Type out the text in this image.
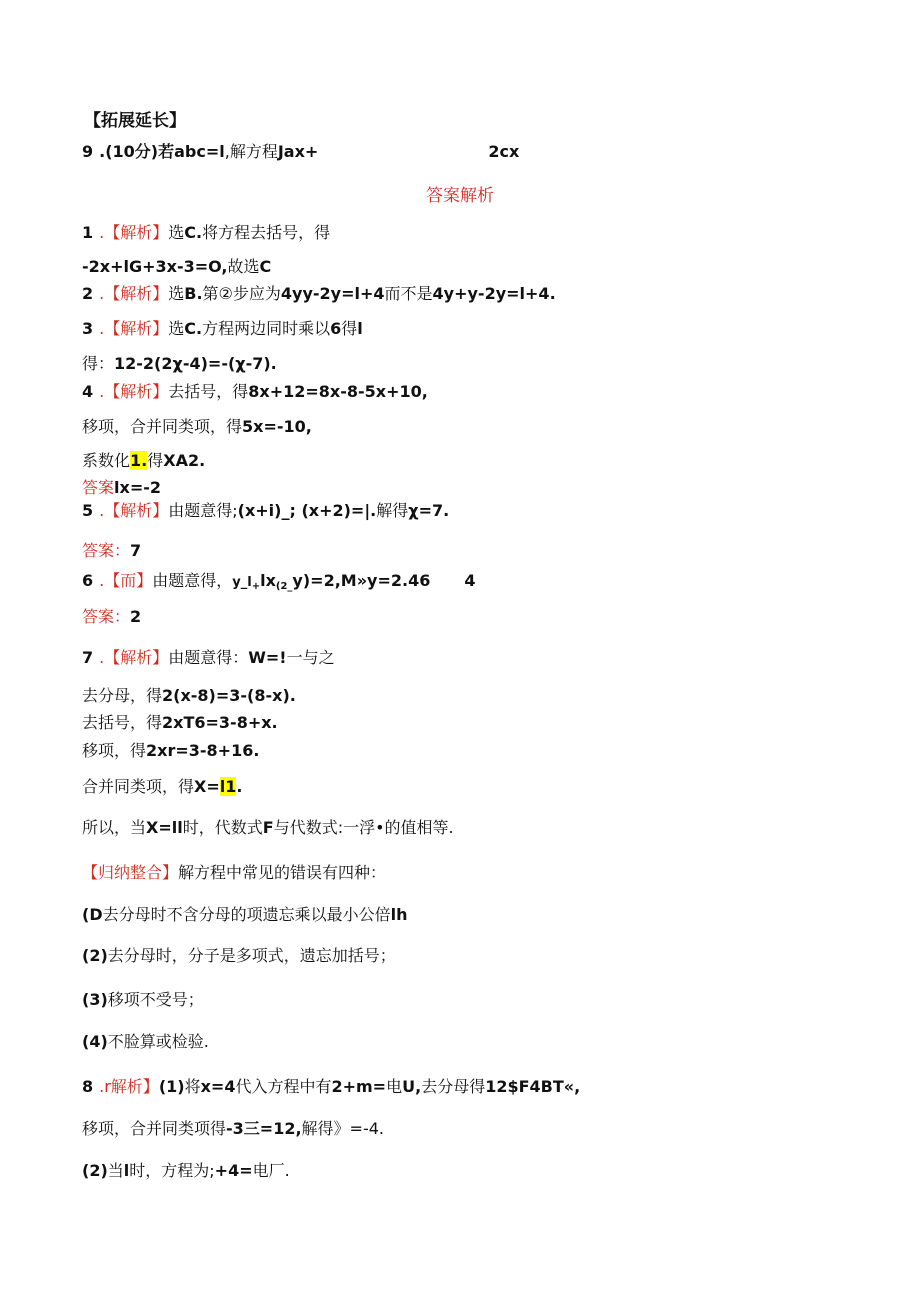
【拓展延长】
9 .(10分)若abc=l,解方程Jax+	2cx
答案解析
1 .【解析】选C.将方程去括号，得
-2x+lG+3x-3=O,故选C
2 .【解析】选B.第②步应为4yy-2y=l+4而不是4y+y-2y=l+4.
3 .【解析】选C.方程两边同时乘以6得l
得：12-2(2χ-4)=-(χ-7).
4 .【解析】去括号，得8x+12=8x-8-5x+10,
移项，合并同类项，得5x=-10,
系数化1.得XA2.
答案lx=-2
5 .【解析】由题意得;(x+i)_; (x+2)=|.解得χ=7.
答案：7
6 .【而】由题意得，$y\_l_+lx_{(2\_}y)=2,M»y=2.46$ 4
答案：2
7 .【解析】由题意得：W=!一与之
去分母，得2(x-8)=3-(8-x).
去括号，得2xT6=3-8+x.
移项，得2xr=3-8+16.
合并同类项，得X=l1.
所以，当X=ll时，代数式F与代数式:一浮•的值相等.
【归纳整合】解方程中常见的错误有四种：
(D去分母时不含分母的项遗忘乘以最小公倍lh
(2)去分母时，分子是多项式，遗忘加括号；
(3)移项不受号；
(4)不脸算或检验.
8 .r解析】(1)将x=4代入方程中有2+m=电U,去分母得12$F4BT«,
移项，合并同类项得-3三=12,解得》=-4.
(2)当l时，方程为;+4=电厂.
